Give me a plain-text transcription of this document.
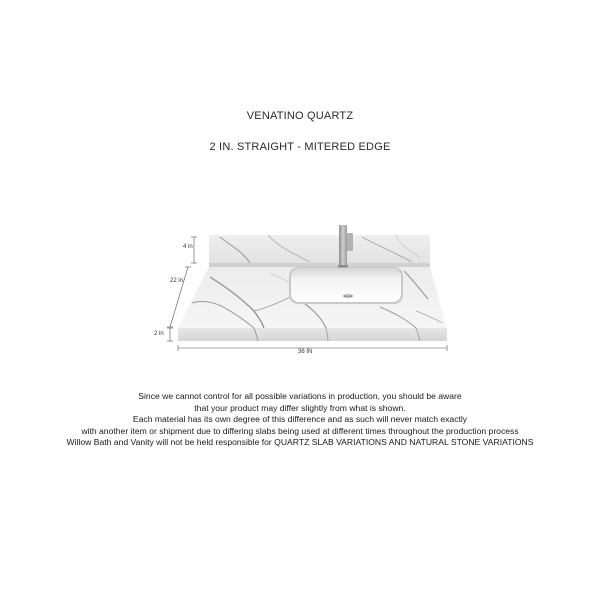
VENATINO QUARTZ
2 IN. STRAIGHT - MITERED EDGE
4 in
22 in
2 in
36 IN
Since we cannot control for all possible variations in production, you should be aware
that your product may differ slightly from what is shown.
Each material has its own degree of this difference and as such will never match exactly
with another item or shipment due to differing slabs being used at different times throughout the production process
Willow Bath and Vanity will not be held responsible for QUARTZ SLAB VARIATIONS AND NATURAL STONE VARIATIONS
